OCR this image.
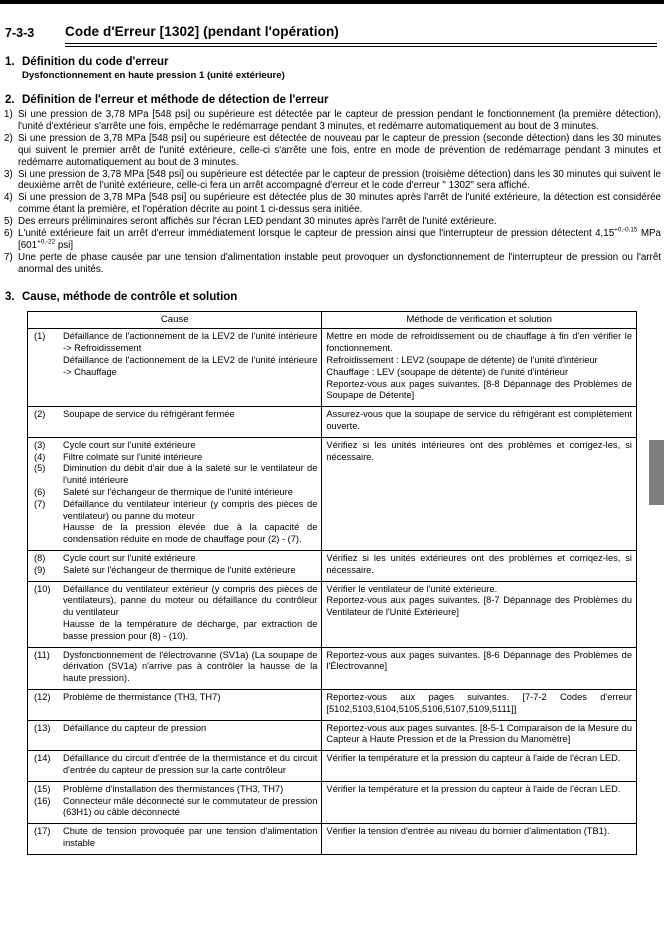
7-3-3	Code d'Erreur [1302] (pendant l'opération)
1. Définition du code d'erreur
Dysfonctionnement en haute pression 1 (unité extérieure)
2. Définition de l'erreur et méthode de détection de l'erreur
1) Si une pression de 3,78 MPa [548 psi] ou supérieure est détectée par le capteur de pression pendant le fonctionnement (la première détection), l'unité d'extérieur s'arrête une fois, empêche le redémarrage pendant 3 minutes, et redémarre automatiquement au bout de 3 minutes.
2) Si une pression de 3,78 MPa [548 psi] ou supérieure est détectée de nouveau par le capteur de pression (seconde détection) dans les 30 minutes qui suivent le premier arrêt de l'unité extérieure, celle-ci s'arrête une fois, entre en mode de prévention de redémarrage pendant 3 minutes et redémarre automatiquement au bout de 3 minutes.
3) Si une pression de 3,78 MPa [548 psi] ou supérieure est détectée par le capteur de pression (troisième détection) dans les 30 minutes qui suivent le deuxième arrêt de l'unité extérieure, celle-ci fera un arrêt accompagné d'erreur et le code d'erreur " 1302" sera affiché.
4) Si une pression de 3,78 MPa [548 psi] ou supérieure est détectée plus de 30 minutes après l'arrêt de l'unité extérieure, la détection est considérée comme étant la première, et l'opération décrite au point 1 ci-dessus sera initiée.
5) Des erreurs préliminaires seront affichés sur l'écran LED pendant 30 minutes après l'arrêt de l'unité extérieure.
6) L'unité extérieure fait un arrêt d'erreur immédiatement lorsque le capteur de pression ainsi que l'interrupteur de pression détectent $4,15^{+0,-0.15}$ MPa [$601^{+0,-22}$ psi]
7) Une perte de phase causée par une tension d'alimentation instable peut provoquer un dysfonctionnement de l'interrupteur de pression ou l'arrêt anormal des unités.
3. Cause, méthode de contrôle et solution
Cause	Méthode de vérification et solution

(1)	Défaillance de l'actionnement de la LEV2 de l'unité intérieure -> Refroidissement
Défaillance de l'actionnement de la LEV2 de l'unité intérieure -> Chauffage

Mettre en mode de refroidissement ou de chauffage à fin d'en vérifier le fonctionnement.
Refroidissement : LEV2 (soupape de détente) de l'unité d'intérieur
Chauffage : LEV (soupape de détente) de l'unité d'intérieur
Reportez-vous aux pages suivantes. [8-8 Dépannage des Problèmes de Soupape de Détente]

(2) Soupape de service du réfrigérant fermée	Assurez-vous que la soupape de service du réfrigérant est complètement ouverte.

(3)	Cycle court sur l'unité extérieure
(4)	Filtre colmaté sur l'unité intérieure
(5)	Diminution du débit d'air due à la saleté sur le ventilateur de l'unité intérieure
(6)	Saleté sur l'échangeur de thermique de l'unité intérieure
(7)	Défaillance du ventilateur intérieur (y compris des pièces de ventilateur) ou panne du moteur
Hausse de la pression élevée due à la capacité de condensation réduite en mode de chauffage pour (2) - (7).

Vérifiez si les unités intérieures ont des problèmes et corrigez-les, si nécessaire.

(8) Cycle court sur l'unité extérieure
(9) Saleté sur l'échangeur de thermique de l'unité extérieure	Vérifiez si les unités extérieures ont des problèmes et corriqez-les, si nécessaire.

(10)	Défaillance du ventilateur extérieur (y compris des pièces de ventilateurs), panne du moteur ou défaillance du contrôleur du ventilateur
Hausse de la température de décharge, par extraction de basse pression pour (8) - (10).

Vérifier le ventilateur de l'unité extérieure.
Reportez-vous aux pages suivantes. [8-7 Dépannage des Problèmes du Ventilateur de l'Unité Extérieure]

(11) Dysfonctionnement de l'électrovanne (SV1a) (La soupape de dérivation (SV1a) n'arrive pas à contrôler la hausse de la haute pression).	Reportez-vous aux pages suivantes. [8-6 Dépannage des Problèmes de l'Électrovanne]

(12) Problème de thermistance (TH3, TH7)	Reportez-vous aux pages suivantes. [7-7-2 Codes d'erreur [5102,5103,5104,5105,5106,5107,5109,5111]]

(13) Défaillance du capteur de pression	Reportez-vous aux pages suivantes. [8-5-1 Comparaison de la Mesure du Capteur à Haute Pression et de la Pression du Manomètre]

(14) Défaillance du circuit d'entrée de la thermistance et du circuit d'entrée du capteur de pression sur la carte contrôleur	Vérifier la température et la pression du capteur à l'aide de l'écran LED.

(15) Problème d'installation des thermistances (TH3, TH7)
(16) Connecteur mâle déconnecté sur le commutateur de pression (63H1) ou câble déconnecté	Vérifier la température et la pression du capteur à l'aide de l'écran LED.

(17) Chute de tension provoquée par une tension d'alimentation instable	Vérifier la tension d'entrée au niveau du bornier d'alimentation (TB1).
